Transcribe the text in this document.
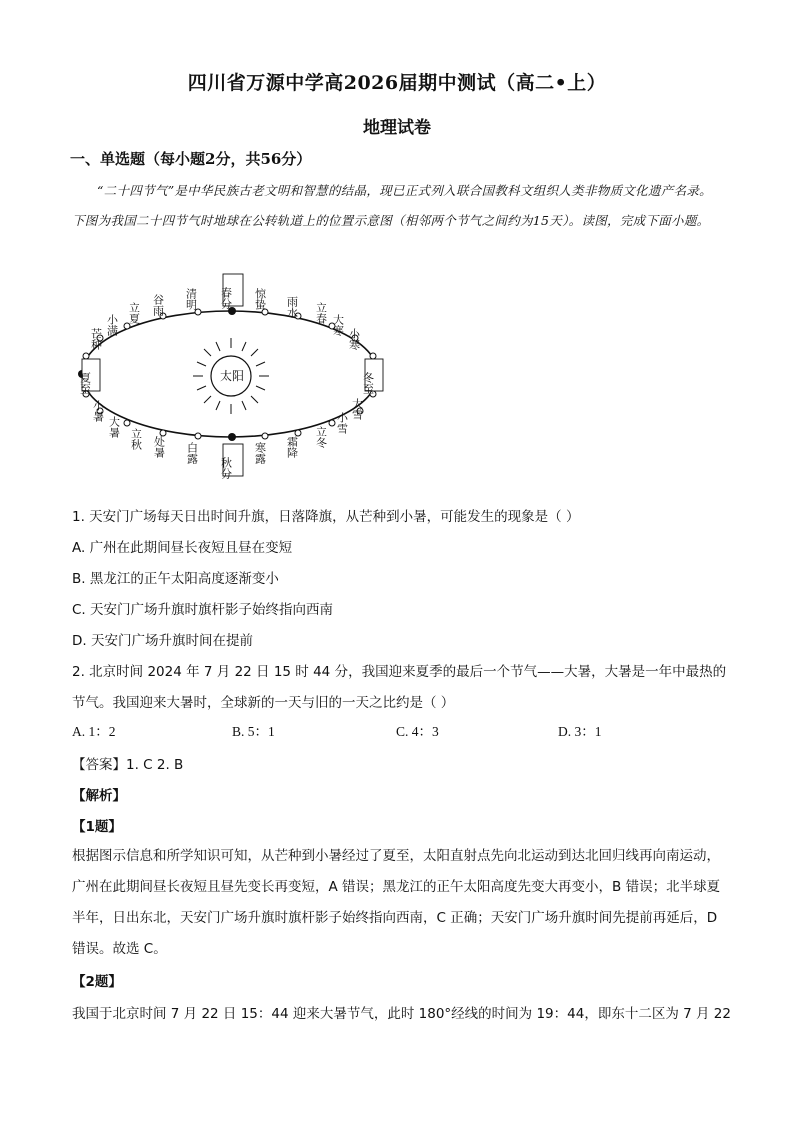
四川省万源中学高2026届期中测试（高二•上）
地理试卷
一、单选题（每小题2分，共56分）
“二十四节气”是中华民族古老文明和智慧的结晶，现已正式列入联合国教科文组织人类非物质文化遗产名录。下图为我国二十四节气时地球在公转轨道上的位置示意图（相邻两个节气之间约为15天）。读图，完成下面小题。
太阳
春分
秋分
夏至	冬至
清明
谷雨
立夏
小满
芒种
惊蛰 雨水 立春
大寒
小寒
小暑
大暑
立秋 处暑 白露	寒露 霜降 立冬
小雪
大雪
1. 天安门广场每天日出时间升旗，日落降旗，从芒种到小暑，可能发生的现象是（ ）
A. 广州在此期间昼长夜短且昼在变短
B. 黑龙江的正午太阳高度逐渐变小
C. 天安门广场升旗时旗杆影子始终指向西南
D. 天安门广场升旗时间在提前
2. 北京时间 2024 年 7 月 22 日 15 时 44 分，我国迎来夏季的最后一个节气——大暑，大暑是一年中最热的
节气。我国迎来大暑时，全球新的一天与旧的一天之比约是（ ）
A. 1：2	B. 5：1	C. 4：3	D. 3：1
【答案】1. C 2. B
【解析】
【1题】
根据图示信息和所学知识可知，从芒种到小暑经过了夏至，太阳直射点先向北运动到达北回归线再向南运动，广州在此期间昼长夜短且昼先变长再变短，A 错误；黑龙江的正午太阳高度先变大再变小，B 错误；北半球夏半年，日出东北，天安门广场升旗时旗杆影子始终指向西南，C 正确；天安门广场升旗时间先提前再延后，D 错误。故选 C。
【2题】
我国于北京时间 7 月 22 日 15：44 迎来大暑节气，此时 180°经线的时间为 19：44，即东十二区为 7 月 22
